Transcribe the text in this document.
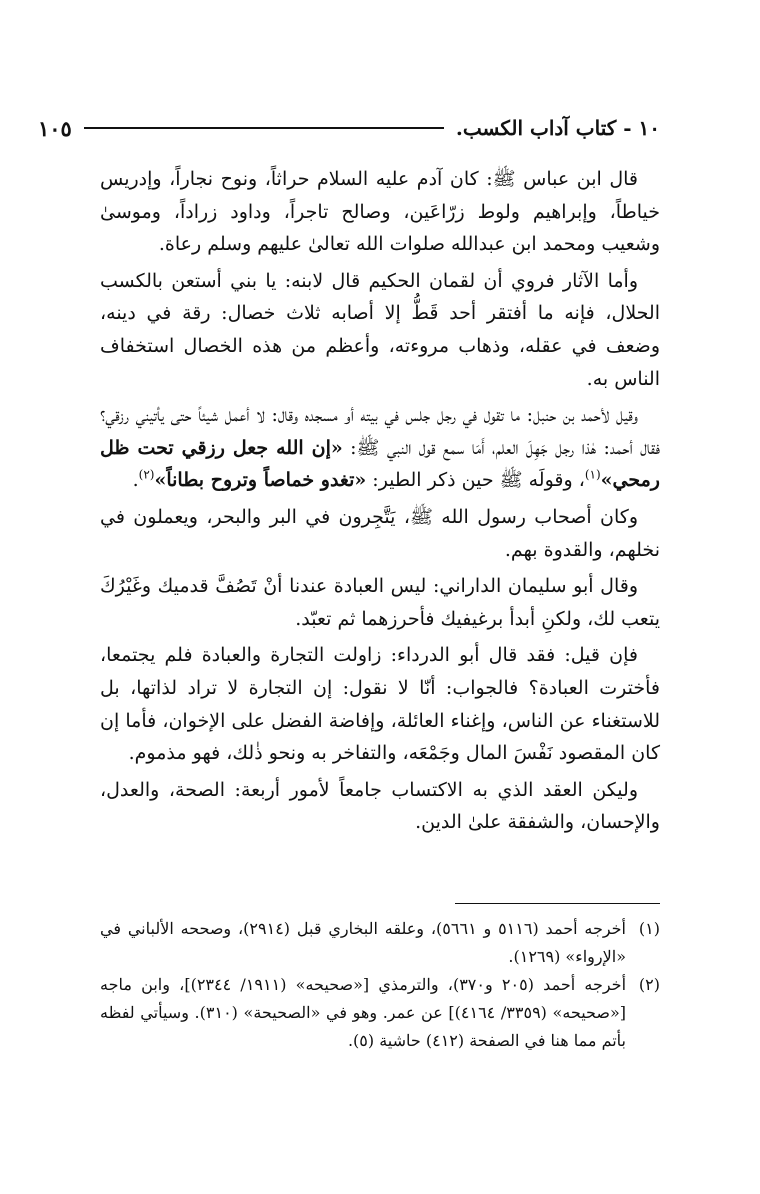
١٠ - كتاب آداب الكسب.
١٠٥

قال ابن عباس ﷺ: كان آدم عليه السلام حراثاً، ونوح نجاراً، وإدريس خياطاً، وإبراهيم ولوط زرّاعَين، وصالح تاجراً، وداود زراداً، وموسىٰ وشعيب ومحمد ابن عبدالله صلوات الله تعالىٰ عليهم وسلم رعاة.

وأما الآثار فروي أن لقمان الحكيم قال لابنه: يا بني أستعن بالكسب الحلال، فإنه ما أفتقر أحد قَطُّ إلا أصابه ثلاث خصال: رقة في دينه، وضعف في عقله، وذهاب مروءته، وأعظم من هذه الخصال استخفاف الناس به.

وقيل لأحمد بن حنبل: ما تقول في رجل جلس في بيته أو مسجده وقال: لا أعمل شيئاً حتى يأتيني رزقي؟ فقال أحمد: هٰذا رجل جَهِلَ العلم، أَمَا سمع قول النبي ﷺ: «إن الله جعل رزقي تحت ظل رمحي»$^{(١)}$، وقولَه ﷺ حين ذكر الطير: «تغدو خماصاً وتروح بطاناً»$^{(٢)}$.

وكان أصحاب رسول الله ﷺ، يَتَّجِرون في البر والبحر، ويعملون في نخلهم، والقدوة بهم.

وقال أبو سليمان الداراني: ليس العبادة عندنا أنْ تَصُفَّ قدميك وغَيْرُكَ يتعب لك، ولكنِ أبدأ برغيفيك فأحرزهما ثم تعبّد.

فإن قيل: فقد قال أبو الدرداء: زاولت التجارة والعبادة فلم يجتمعا، فأخترت العبادة؟ فالجواب: أنّا لا نقول: إن التجارة لا تراد لذاتها، بل للاستغناء عن الناس، وإغناء العائلة، وإفاضة الفضل على الإخوان، فأما إن كان المقصود نَفْسَ المال وجَمْعَه، والتفاخر به ونحو ذٰلك، فهو مذموم.

وليكن العقد الذي به الاكتساب جامعاً لأمور أربعة: الصحة، والعدل، والإحسان، والشفقة علىٰ الدين.

(١)
أخرجه أحمد (٥١١٦ و ٥٦٦١)، وعلقه البخاري قبل (٢٩١٤)، وصححه الألباني في «الإرواء» (١٢٦٩).
(٢)
أخرجه أحمد (٢٠٥ و٣٧٠)، والترمذي [«صحيحه» (١٩١١/ ٢٣٤٤)]، وابن ماجه [«صحيحه» (٣٣٥٩/ ٤١٦٤)] عن عمر. وهو في «الصحيحة» (٣١٠). وسيأتي لفظه بأتم مما هنا في الصفحة (٤١٢) حاشية (٥).
